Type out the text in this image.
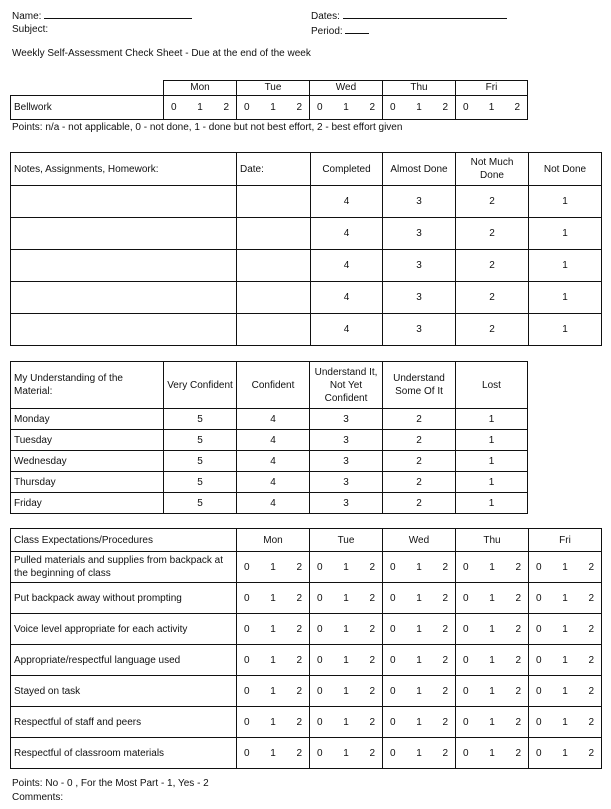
Name:	Dates:
Subject:	Period:
Weekly Self-Assessment Check Sheet - Due at the end of the week
	Mon	Tue	Wed	Thu	Fri
Bellwork	0 1 2	0 1 2	0 1 2	0 1 2	0 1 2
Points: n/a - not applicable, 0 - not done, 1 - done but not best effort, 2 - best effort given
Notes, Assignments, Homework:	Date:	Completed	Almost Done	Not Much Done	Not Done
		4	3	2	1
		4	3	2	1
		4	3	2	1
		4	3	2	1
		4	3	2	1
My Understanding of the Material:	Very Confident	Confident	Understand It, Not Yet Confident	Understand Some Of It	Lost
Monday	5	4	3	2	1
Tuesday	5	4	3	2	1
Wednesday	5	4	3	2	1
Thursday	5	4	3	2	1
Friday	5	4	3	2	1
Class Expectations/Procedures	Mon	Tue	Wed	Thu	Fri
Pulled materials and supplies from backpack at the beginning of class	0 1 2	0 1 2	0 1 2	0 1 2	0 1 2

Put backpack away without prompting	0 1 2	0 1 2	0 1 2	0 1 2	0 1 2

Voice level appropriate for each activity	0 1 2	0 1 2	0 1 2	0 1 2	0 1 2

Appropriate/respectful language used	0 1 2	0 1 2	0 1 2	0 1 2	0 1 2

Stayed on task	0 1 2	0 1 2	0 1 2	0 1 2	0 1 2

Respectful of staff and peers	0 1 2	0 1 2	0 1 2	0 1 2	0 1 2

Respectful of classroom materials	0 1 2	0 1 2	0 1 2	0 1 2	0 1 2
Points: No - 0 , For the Most Part - 1, Yes - 2
Comments:
